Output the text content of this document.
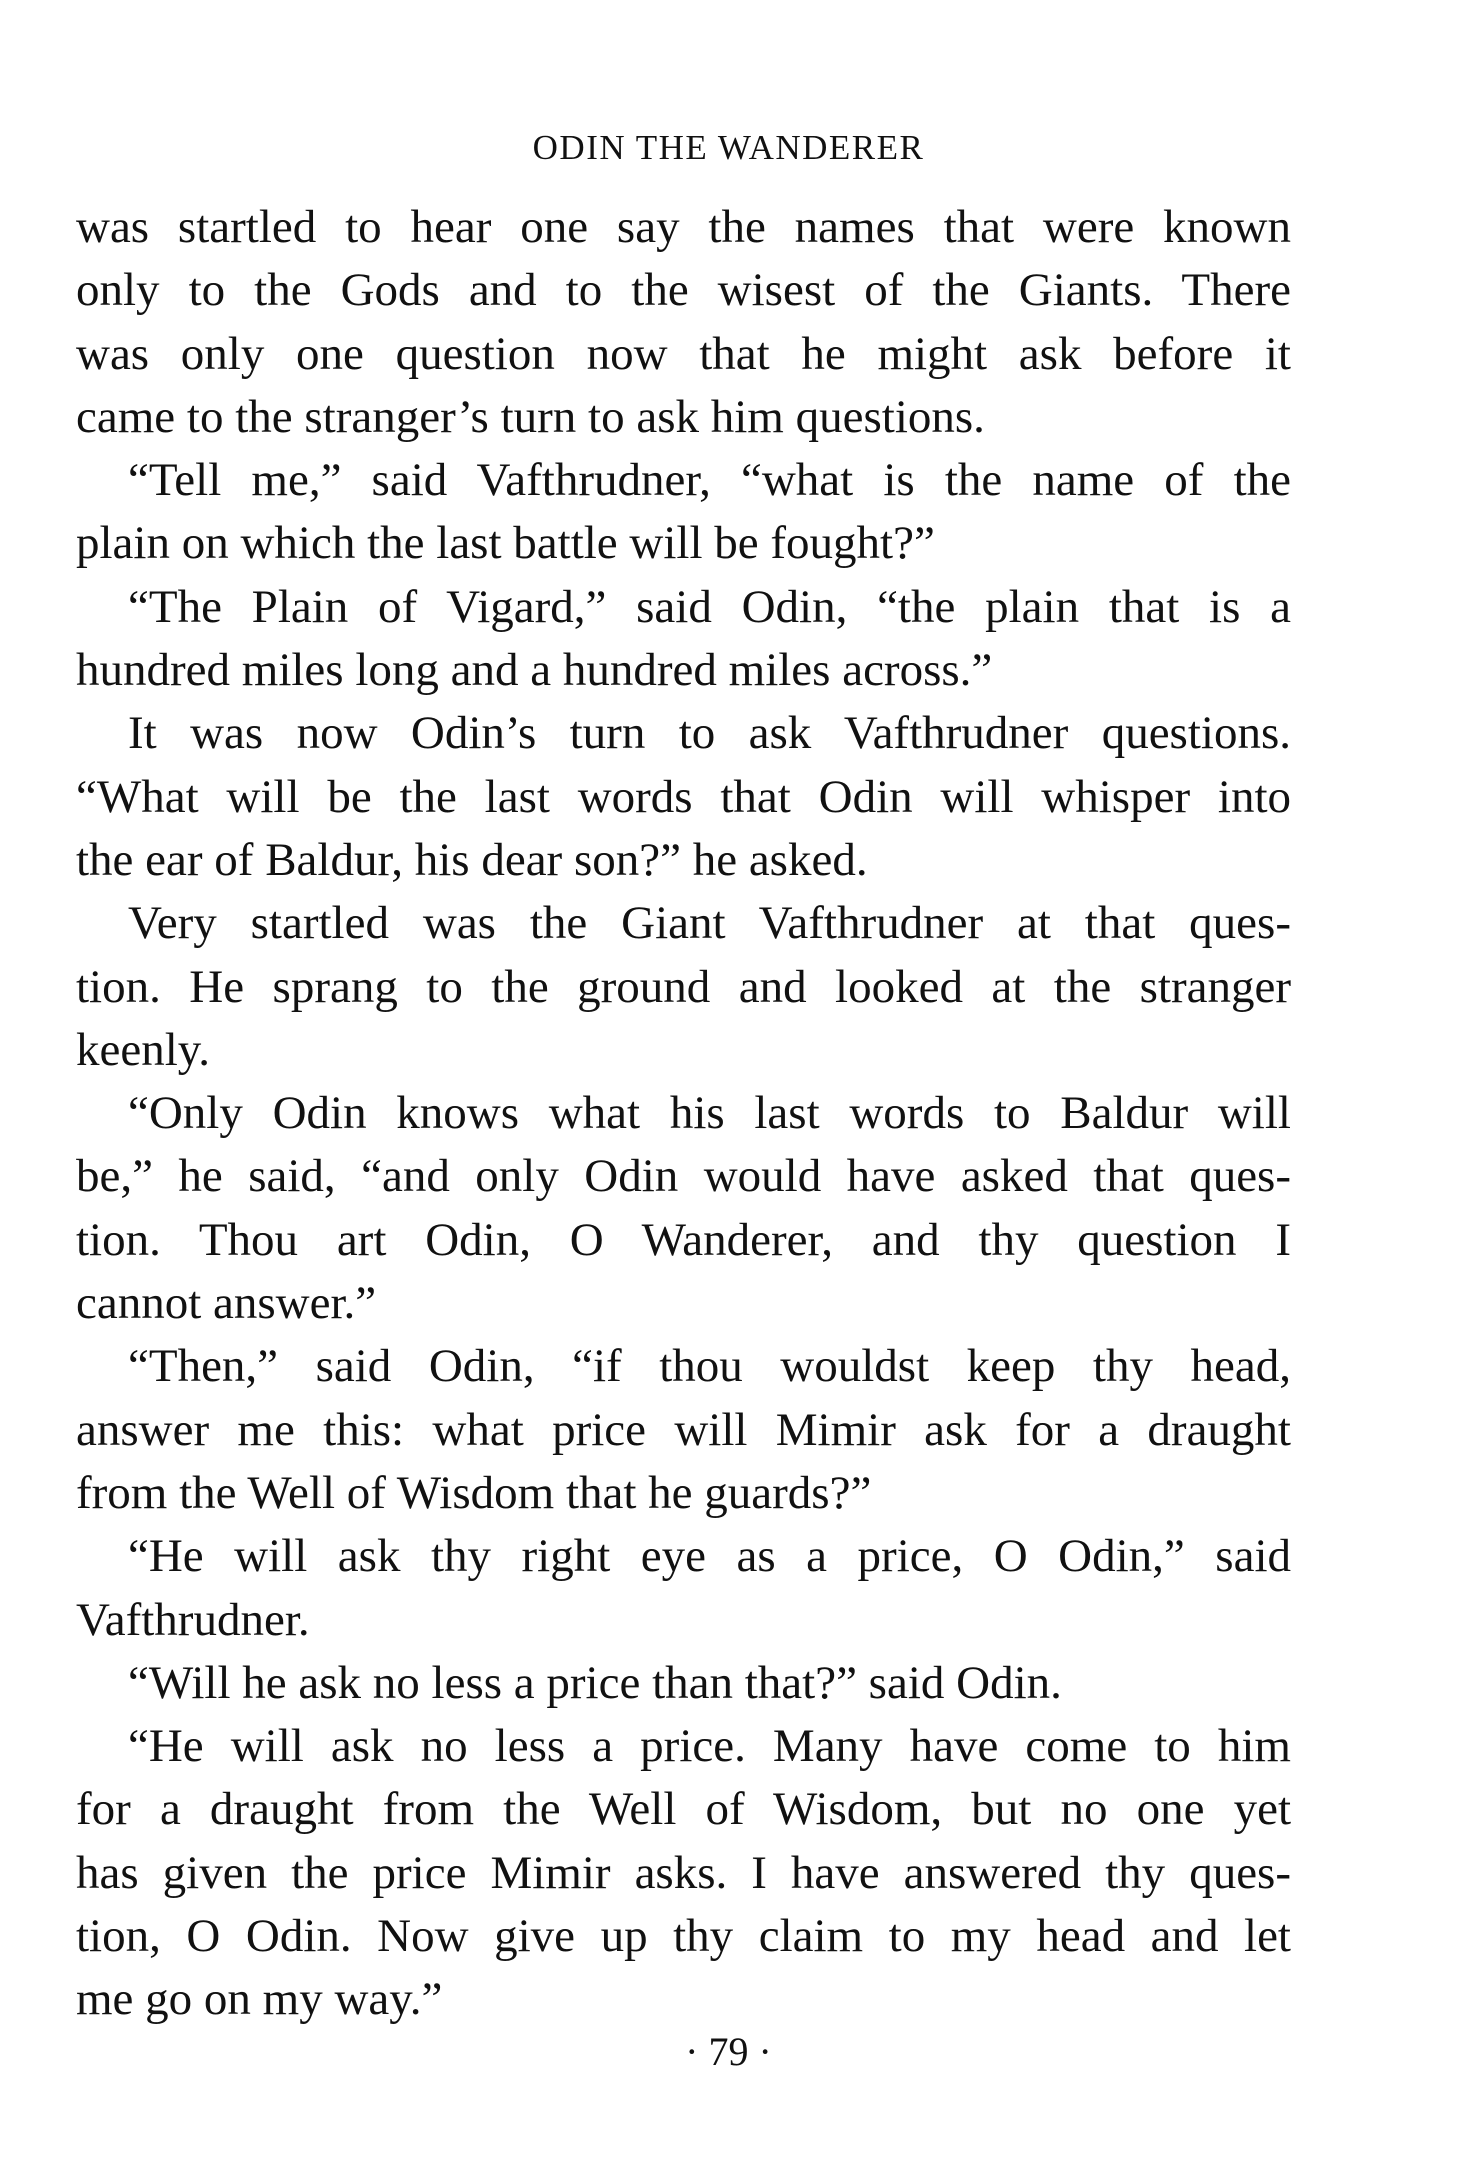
ODIN THE WANDERER
was startled to hear one say the names that were known
only to the Gods and to the wisest of the Giants. There
was only one question now that he might ask before it
came to the stranger’s turn to ask him questions.
“Tell me,” said Vafthrudner, “what is the name of the
plain on which the last battle will be fought?”
“The Plain of Vigard,” said Odin, “the plain that is a
hundred miles long and a hundred miles across.”
It was now Odin’s turn to ask Vafthrudner questions.
“What will be the last words that Odin will whisper into
the ear of Baldur, his dear son?” he asked.
Very startled was the Giant Vafthrudner at that ques-
tion. He sprang to the ground and looked at the stranger
keenly.
“Only Odin knows what his last words to Baldur will
be,” he said, “and only Odin would have asked that ques-
tion. Thou art Odin, O Wanderer, and thy question I
cannot answer.”
“Then,” said Odin, “if thou wouldst keep thy head,
answer me this: what price will Mimir ask for a draught
from the Well of Wisdom that he guards?”
“He will ask thy right eye as a price, O Odin,” said
Vafthrudner.
“Will he ask no less a price than that?” said Odin.
“He will ask no less a price. Many have come to him
for a draught from the Well of Wisdom, but no one yet
has given the price Mimir asks. I have answered thy ques-
tion, O Odin. Now give up thy claim to my head and let
me go on my way.”
· 79 ·
